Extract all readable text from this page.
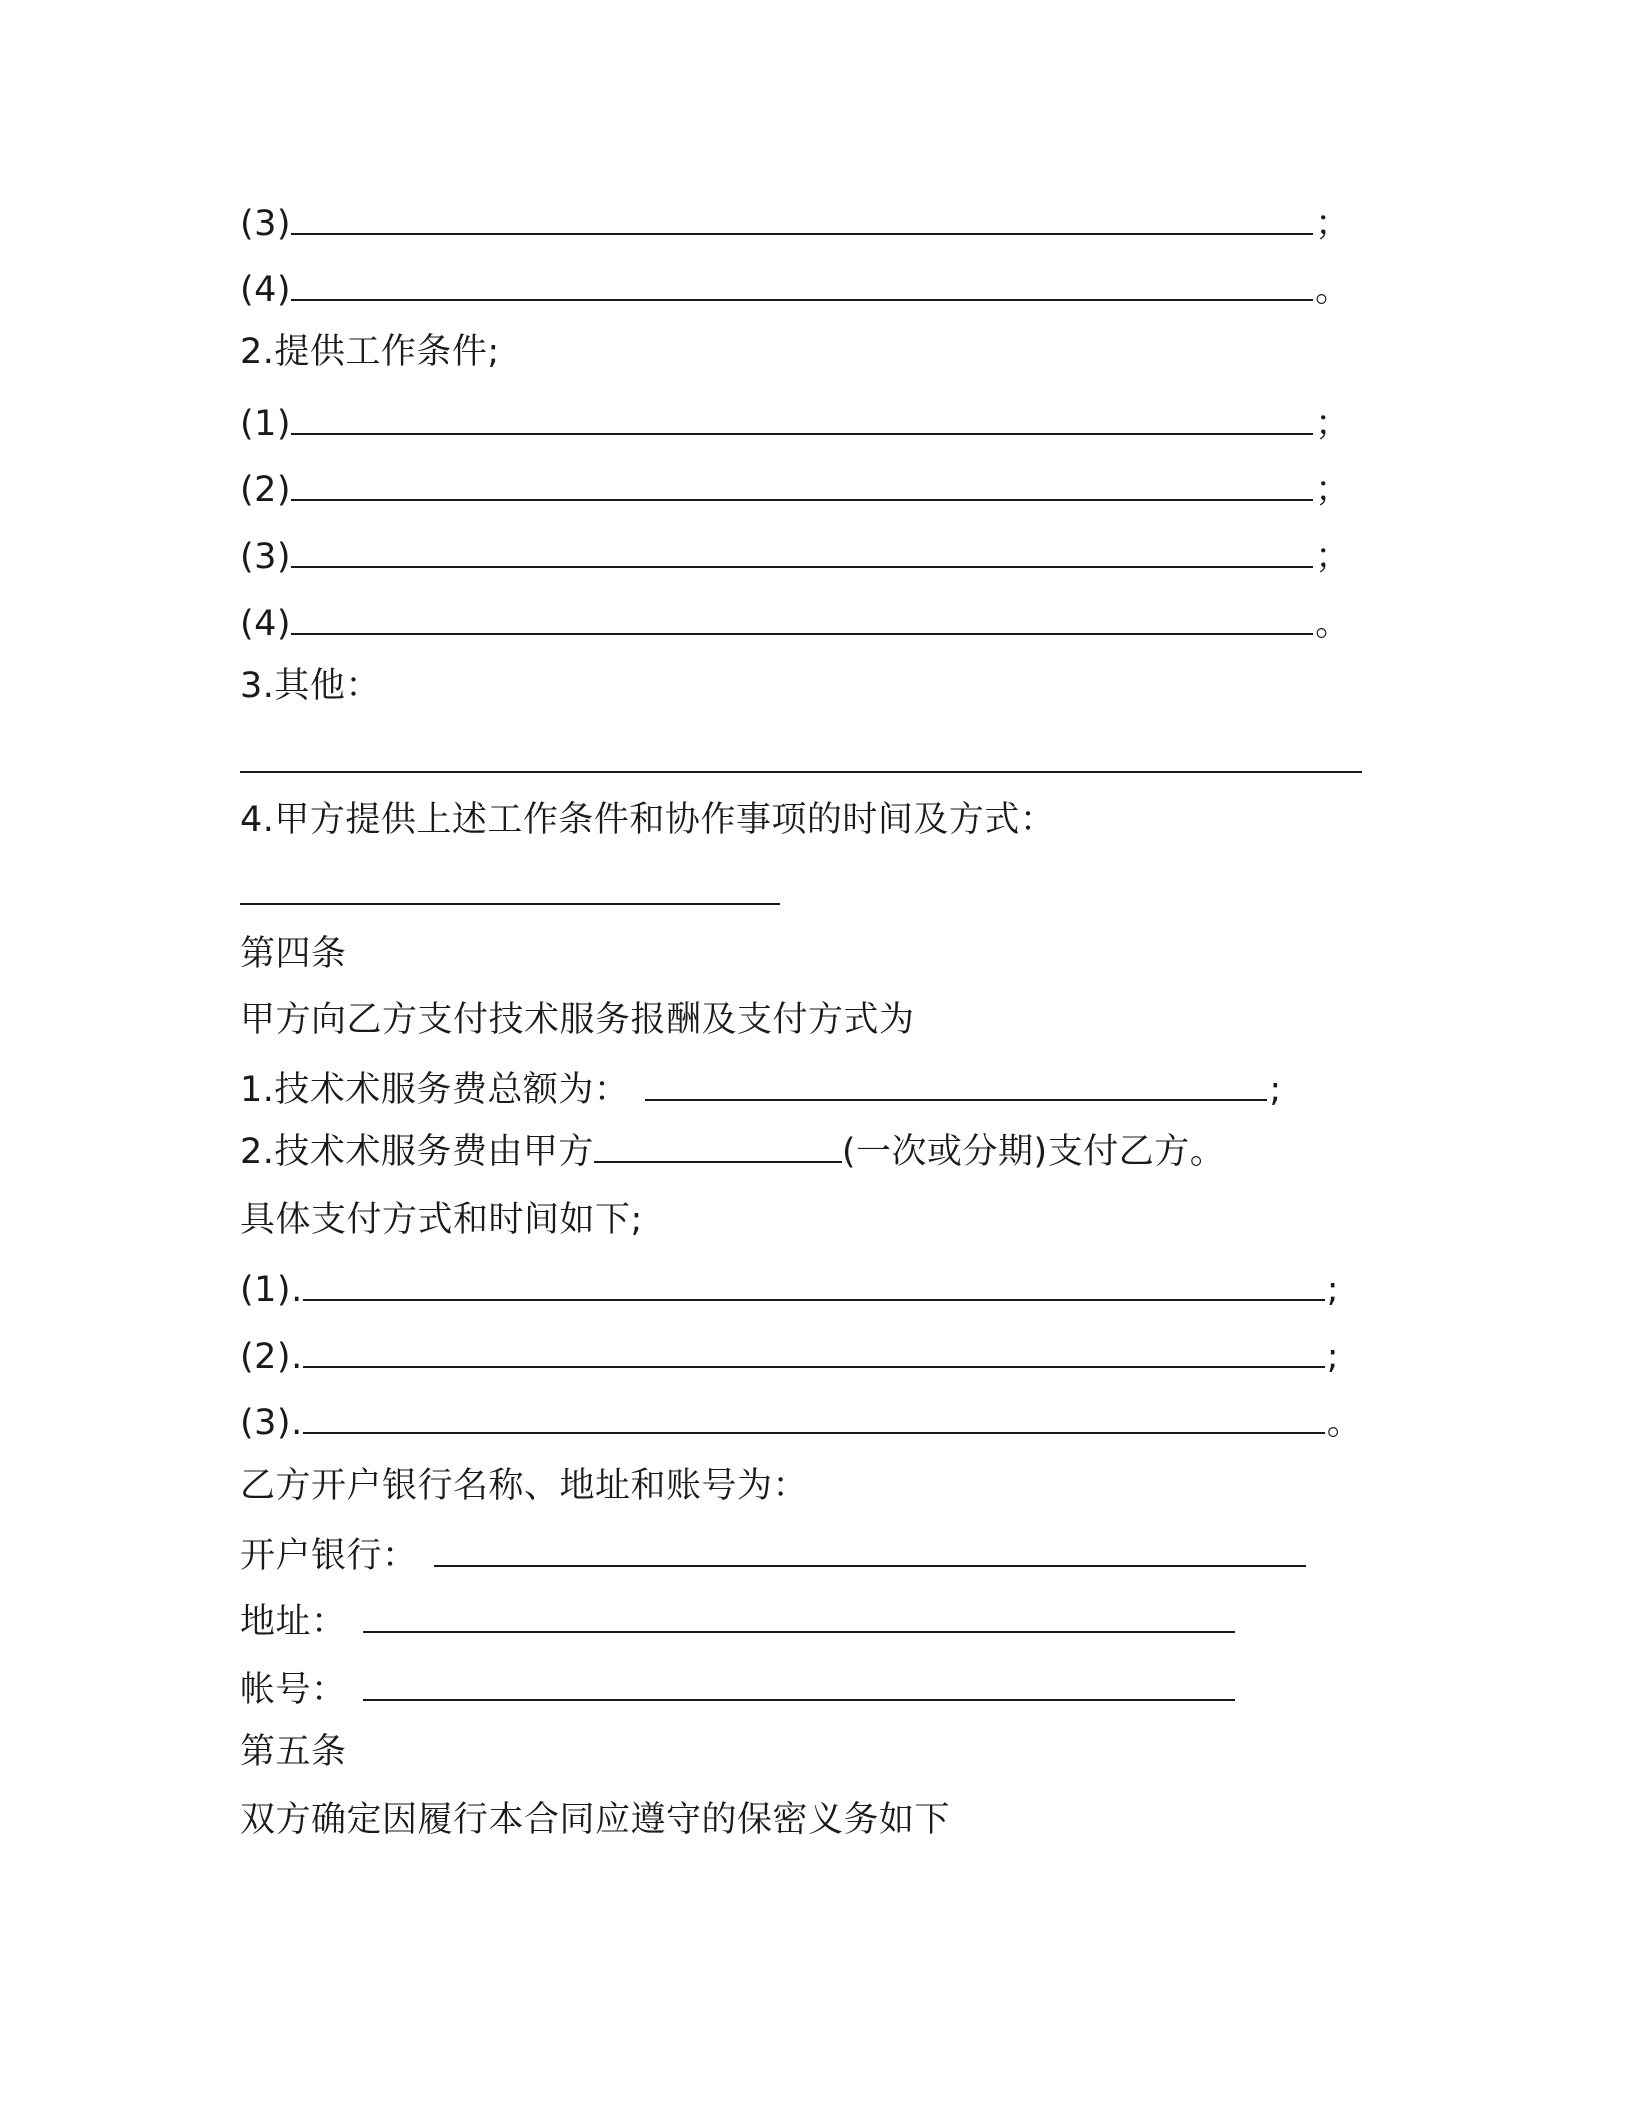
(3)	；
(4)	。
2.提供工作条件;
(1)	；
(2)	；
(3)	；
(4)	。
3.其他：
4.甲方提供上述工作条件和协作事项的时间及方式：
第四条
甲方向乙方支付技术服务报酬及支付方式为
1.技术术服务费总额为：	;
2.技术术服务费由甲方	(一次或分期)支付乙方。
具体支付方式和时间如下;
(1).	;
(2).	;
(3).	。
乙方开户银行名称、地址和账号为：
开户银行：
地址：
帐号：
第五条
双方确定因履行本合同应遵守的保密义务如下
